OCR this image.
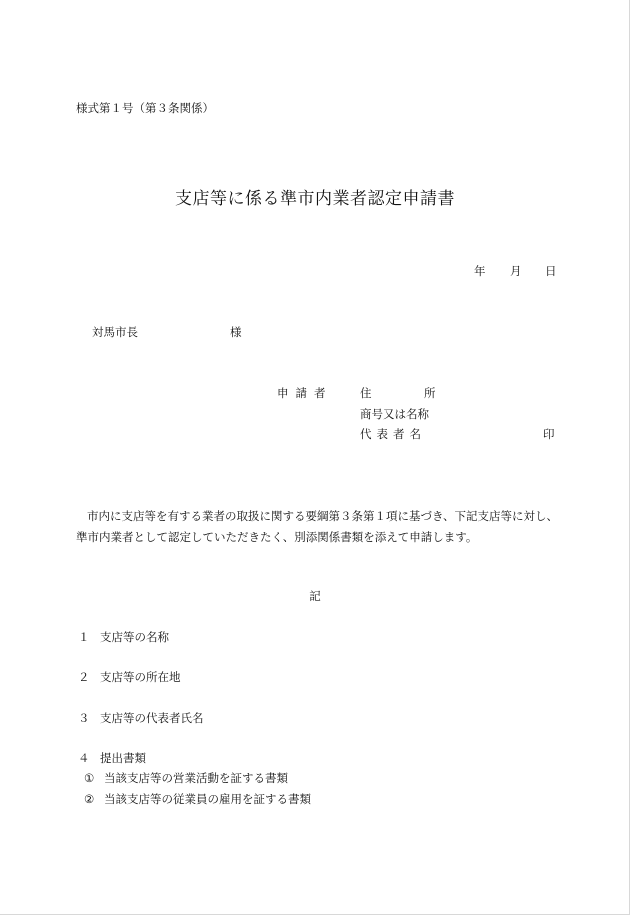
様式第１号（第３条関係）
支店等に係る準市内業者認定申請書
年 月 日
対馬市長	様
申請者 住	所
商号又は名称
代表者名	印
市内に支店等を有する業者の取扱に関する要綱第３条第１項に基づき、下記支店等に対し、準市内業者として認定していただきたく、別添関係書類を添えて申請します。
記
１ 支店等の名称
２ 支店等の所在地
３ 支店等の代表者氏名
４ 提出書類
① 当該支店等の営業活動を証する書類
② 当該支店等の従業員の雇用を証する書類
